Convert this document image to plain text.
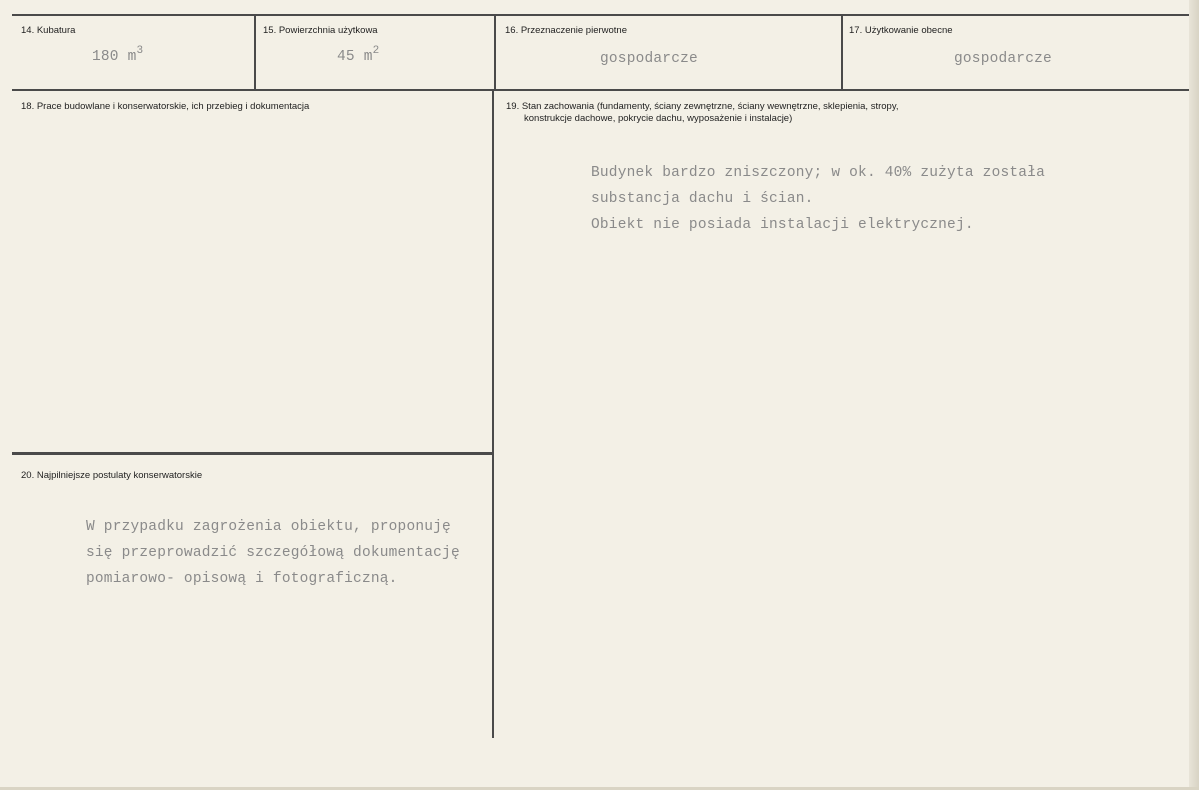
14. Kubatura
180 $m^3$
15. Powierzchnia użytkowa
45 $m^2$
16. Przeznaczenie pierwotne
gospodarcze
17. Użytkowanie obecne
gospodarcze
18. Prace budowlane i konserwatorskie, ich przebieg i dokumentacja	19. Stan zachowania (fundamenty, ściany zewnętrzne, ściany wewnętrzne, sklepienia, stropy,
konstrukcje dachowe, pokrycie dachu, wyposażenie i instalacje)
Budynek bardzo zniszczony; w ok. 40% zużyta została
substancja dachu i ścian.
Obiekt nie posiada instalacji elektrycznej.
20. Najpilniejsze postulaty konserwatorskie
W przypadku zagrożenia obiektu, proponuję
się przeprowadzić szczegółową dokumentację
pomiarowo- opisową i fotograficzną.
